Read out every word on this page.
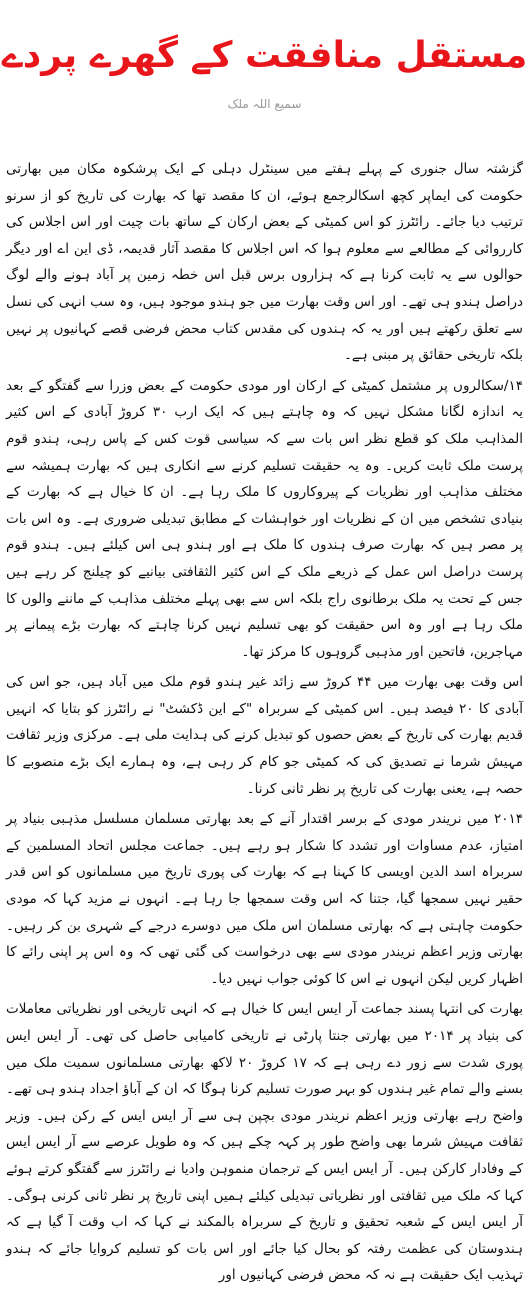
مستقل منافقت کے گھرے پردے
سمیع اللہ ملک

گزشتہ سال جنوری کے پہلے ہفتے میں سینٹرل دہلی کے ایک پرشکوہ مکان میں بھارتی حکومت کی ایماپر کچھ اسکالرجمع ہوئے، ان کا مقصد تھا کہ بھارت کی تاریخ کو از سرنو ترتیب دیا جائے۔ رائٹرز کو اس کمیٹی کے بعض ارکان کے ساتھ بات چیت اور اس اجلاس کی کارروائی کے مطالعے سے معلوم ہوا کہ اس اجلاس کا مقصد آثار قدیمہ، ڈی این اے اور دیگر حوالوں سے یہ ثابت کرنا ہے کہ ہزاروں برس قبل اس خطہ زمین پر آباد ہونے والے لوگ دراصل ہندو ہی تھے۔ اور اس وقت بھارت میں جو ہندو موجود ہیں، وہ سب انہی کی نسل سے تعلق رکھتے ہیں اور یہ کہ ہندوں کی مقدس کتاب محض فرضی قصے کہانیوں پر نہیں بلکہ تاریخی حقائق پر مبنی ہے۔

۱۴/سکالروں پر مشتمل کمیٹی کے ارکان اور مودی حکومت کے بعض وزرا سے گفتگو کے بعد یہ اندازہ لگانا مشکل نہیں کہ وہ چاہتے ہیں کہ ایک ارب ۳۰ کروڑ آبادی کے اس کثیر المذاہب ملک کو قطع نظر اس بات سے کہ سیاسی قوت کس کے پاس رہی، ہندو قوم پرست ملک ثابت کریں۔ وہ یہ حقیقت تسلیم کرنے سے انکاری ہیں کہ بھارت ہمیشہ سے مختلف مذاہب اور نظریات کے پیروکاروں کا ملک رہا ہے۔ ان کا خیال ہے کہ بھارت کے بنیادی تشخص میں ان کے نظریات اور خواہشات کے مطابق تبدیلی ضروری ہے۔ وہ اس بات پر مصر ہیں کہ بھارت صرف ہندوں کا ملک ہے اور ہندو ہی اس کیلئے ہیں۔ ہندو قوم پرست دراصل اس عمل کے ذریعے ملک کے اس کثیر الثقافتی بیانیے کو چیلنج کر رہے ہیں جس کے تحت یہ ملک برطانوی راج بلکہ اس سے بھی پہلے مختلف مذاہب کے ماننے والوں کا ملک رہا ہے اور وہ اس حقیقت کو بھی تسلیم نہیں کرنا چاہتے کہ بھارت بڑے پیمانے پر مہاجرین، فاتحین اور مذہبی گروہوں کا مرکز تھا۔

اس وقت بھی بھارت میں ۴۴ کروڑ سے زائد غیر ہندو قوم ملک میں آباد ہیں، جو اس کی آبادی کا ۲۰ فیصد ہیں۔ اس کمیٹی کے سربراہ "کے این ڈکشٹ" نے رائٹرز کو بتایا کہ انہیں قدیم بھارت کی تاریخ کے بعض حصوں کو تبدیل کرنے کی ہدایت ملی ہے۔ مرکزی وزیر ثقافت مہیش شرما نے تصدیق کی کہ کمیٹی جو کام کر رہی ہے، وہ ہمارے ایک بڑے منصوبے کا حصہ ہے، یعنی بھارت کی تاریخ پر نظر ثانی کرنا۔

۲۰۱۴ میں نریندر مودی کے برسر اقتدار آنے کے بعد بھارتی مسلمان مسلسل مذہبی بنیاد پر امتیاز، عدم مساوات اور تشدد کا شکار ہو رہے ہیں۔ جماعت مجلس اتحاد المسلمین کے سربراہ اسد الدین اویسی کا کہنا ہے کہ بھارت کی پوری تاریخ میں مسلمانوں کو اس قدر حقیر نہیں سمجھا گیا، جتنا کہ اس وقت سمجھا جا رہا ہے۔ انہوں نے مزید کہا کہ مودی حکومت چاہتی ہے کہ بھارتی مسلمان اس ملک میں دوسرے درجے کے شہری بن کر رہیں۔ بھارتی وزیر اعظم نریندر مودی سے بھی درخواست کی گئی تھی کہ وہ اس پر اپنی رائے کا اظہار کریں لیکن انہوں نے اس کا کوئی جواب نہیں دیا۔

بھارت کی انتہا پسند جماعت آر ایس ایس کا خیال ہے کہ انہی تاریخی اور نظریاتی معاملات کی بنیاد پر ۲۰۱۴ میں بھارتی جنتا پارٹی نے تاریخی کامیابی حاصل کی تھی۔ آر ایس ایس پوری شدت سے زور دے رہی ہے کہ ۱۷ کروڑ ۲۰ لاکھ بھارتی مسلمانوں سمیت ملک میں بسنے والے تمام غیر ہندوں کو بہر صورت تسلیم کرنا ہوگا کہ ان کے آباؤ اجداد ہندو ہی تھے۔ واضح رہے بھارتی وزیر اعظم نریندر مودی بچپن ہی سے آر ایس ایس کے رکن ہیں۔ وزیر ثقافت مہیش شرما بھی واضح طور پر کہہ چکے ہیں کہ وہ طویل عرصے سے آر ایس ایس کے وفادار کارکن ہیں۔ آر ایس ایس کے ترجمان منموہن وادیا نے رائٹرز سے گفتگو کرتے ہوئے کہا کہ ملک میں ثقافتی اور نظریاتی تبدیلی کیلئے ہمیں اپنی تاریخ پر نظر ثانی کرنی ہوگی۔ آر ایس ایس کے شعبہ تحقیق و تاریخ کے سربراہ بالمکند نے کہا کہ اب وقت آ گیا ہے کہ ہندوستان کی عظمت رفتہ کو بحال کیا جائے اور اس بات کو تسلیم کروایا جائے کہ ہندو تہذیب ایک حقیقت ہے نہ کہ محض فرضی کہانیوں اور
